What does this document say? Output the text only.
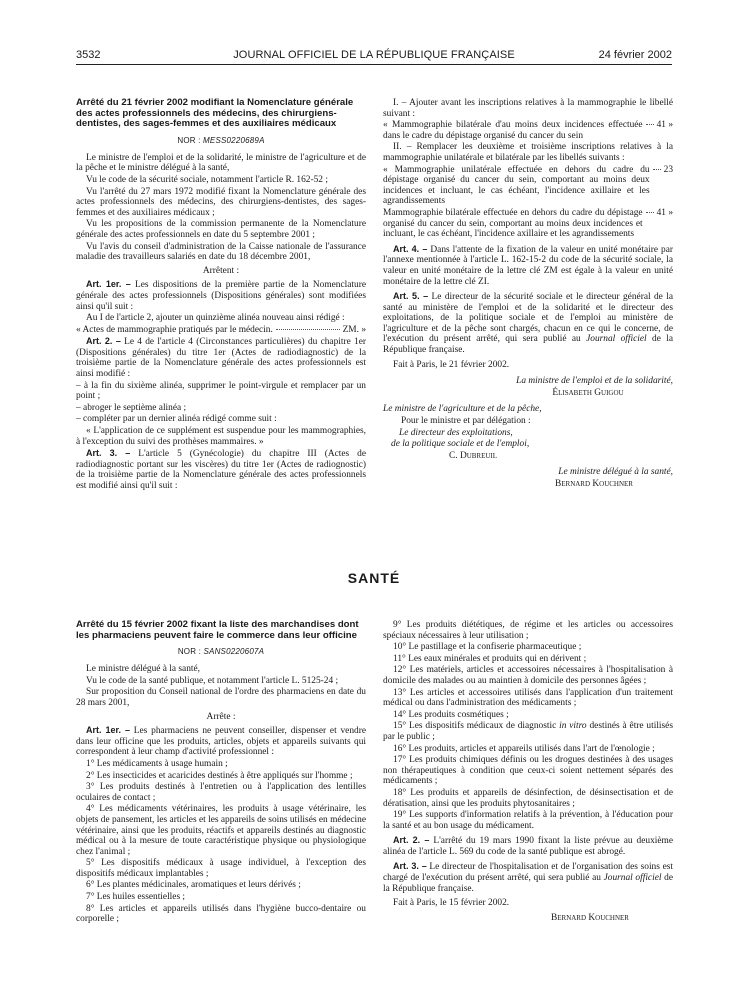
3532	JOURNAL OFFICIEL DE LA RÉPUBLIQUE FRANÇAISE	24 février 2002
Arrêté du 21 février 2002 modifiant la Nomenclature générale des actes professionnels des médecins, des chirurgiens-dentistes, des sages-femmes et des auxiliaires médicaux
NOR : MESS0220689A

Le ministre de l'emploi et de la solidarité, le ministre de l'agriculture et de la pêche et le ministre délégué à la santé,

Vu le code de la sécurité sociale, notamment l'article R. 162-52 ;

Vu l'arrêté du 27 mars 1972 modifié fixant la Nomenclature générale des actes professionnels des médecins, des chirurgiens-dentistes, des sages-femmes et des auxiliaires médicaux ;

Vu les propositions de la commission permanente de la Nomenclature générale des actes professionnels en date du 5 septembre 2001 ;

Vu l'avis du conseil d'administration de la Caisse nationale de l'assurance maladie des travailleurs salariés en date du 18 décembre 2001,

Arrêtent :

Art. 1er. – Les dispositions de la première partie de la Nomenclature générale des actes professionnels (Dispositions générales) sont modifiées ainsi qu'il suit :

Au I de l'article 2, ajouter un quinzième alinéa nouveau ainsi rédigé :

« Actes de mammographie pratiqués par le médecin.	ZM. »

Art. 2. – Le 4 de l'article 4 (Circonstances particulières) du chapitre 1er (Dispositions générales) du titre 1er (Actes de radiodiagnostic) de la troisième partie de la Nomenclature générale des actes professionnels est ainsi modifié :

– à la fin du sixième alinéa, supprimer le point-virgule et remplacer par un point ;

– abroger le septième alinéa ;

– compléter par un dernier alinéa rédigé comme suit :

« L'application de ce supplément est suspendue pour les mammographies, à l'exception du suivi des prothèses mammaires. »

Art. 3. – L'article 5 (Gynécologie) du chapitre III (Actes de radiodiagnostic portant sur les viscères) du titre 1er (Actes de radiognostic) de la troisième partie de la Nomenclature générale des actes professionnels est modifié ainsi qu'il suit :

I. – Ajouter avant les inscriptions relatives à la mammographie le libellé suivant :

« Mammographie bilatérale d'au moins deux incidences effectuée dans le cadre du dépistage organisé du cancer du sein
41 »

II. – Remplacer les deuxième et troisième inscriptions relatives à la mammographie unilatérale et bilatérale par les libellés suivants :

« Mammographie unilatérale effectuée en dehors du cadre du dépistage organisé du cancer du sein, comportant au moins deux incidences et incluant, le cas échéant, l'incidence axillaire et les agrandissements
23

Mammographie bilatérale effectuée en dehors du cadre du dépistage organisé du cancer du sein, comportant au moins deux incidences et incluant, le cas échéant, l'incidence axillaire et les agrandissements
41 »

Art. 4. – Dans l'attente de la fixation de la valeur en unité monétaire par l'annexe mentionnée à l'article L. 162-15-2 du code de la sécurité sociale, la valeur en unité monétaire de la lettre clé ZM est égale à la valeur en unité monétaire de la lettre clé ZI.

Art. 5. – Le directeur de la sécurité sociale et le directeur général de la santé au ministère de l'emploi et de la solidarité et le directeur des exploitations, de la politique sociale et de l'emploi au ministère de l'agriculture et de la pêche sont chargés, chacun en ce qui le concerne, de l'exécution du présent arrêté, qui sera publié au Journal officiel de la République française.

Fait à Paris, le 21 février 2002.

La ministre de l'emploi et de la solidarité,

Élisabeth Guigou

Le ministre de l'agriculture et de la pêche,

Pour le ministre et par délégation :

Le directeur des exploitations,

de la politique sociale et de l'emploi,

C. Dubreuil

Le ministre délégué à la santé,

Bernard Kouchner

SANTÉ
Arrêté du 15 février 2002 fixant la liste des marchandises dont les pharmaciens peuvent faire le commerce dans leur officine
NOR : SANS0220607A

Le ministre délégué à la santé,

Vu le code de la santé publique, et notamment l'article L. 5125-24 ;

Sur proposition du Conseil national de l'ordre des pharmaciens en date du 28 mars 2001,

Arrête :

Art. 1er. – Les pharmaciens ne peuvent conseiller, dispenser et vendre dans leur officine que les produits, articles, objets et appareils suivants qui correspondent à leur champ d'activité professionnel :

1° Les médicaments à usage humain ;

2° Les insecticides et acaricides destinés à être appliqués sur l'homme ;

3° Les produits destinés à l'entretien ou à l'application des lentilles oculaires de contact ;

4° Les médicaments vétérinaires, les produits à usage vétérinaire, les objets de pansement, les articles et les appareils de soins utilisés en médecine vétérinaire, ainsi que les produits, réactifs et appareils destinés au diagnostic médical ou à la mesure de toute caractéristique physique ou physiologique chez l'animal ;

5° Les dispositifs médicaux à usage individuel, à l'exception des dispositifs médicaux implantables ;

6° Les plantes médicinales, aromatiques et leurs dérivés ;

7° Les huiles essentielles ;

8° Les articles et appareils utilisés dans l'hygiène bucco-dentaire ou corporelle ;

9° Les produits diététiques, de régime et les articles ou accessoires spéciaux nécessaires à leur utilisation ;

10° Le pastillage et la confiserie pharmaceutique ;

11° Les eaux minérales et produits qui en dérivent ;

12° Les matériels, articles et accessoires nécessaires à l'hospitalisation à domicile des malades ou au maintien à domicile des personnes âgées ;

13° Les articles et accessoires utilisés dans l'application d'un traitement médical ou dans l'administration des médicaments ;

14° Les produits cosmétiques ;

15° Les dispositifs médicaux de diagnostic in vitro destinés à être utilisés par le public ;

16° Les produits, articles et appareils utilisés dans l'art de l'œnologie ;

17° Les produits chimiques définis ou les drogues destinées à des usages non thérapeutiques à condition que ceux-ci soient nettement séparés des médicaments ;

18° Les produits et appareils de désinfection, de désinsectisation et de dératisation, ainsi que les produits phytosanitaires ;

19° Les supports d'information relatifs à la prévention, à l'éducation pour la santé et au bon usage du médicament.

Art. 2. – L'arrêté du 19 mars 1990 fixant la liste prévue au deuxième alinéa de l'article L. 569 du code de la santé publique est abrogé.

Art. 3. – Le directeur de l'hospitalisation et de l'organisation des soins est chargé de l'exécution du présent arrêté, qui sera publié au Journal officiel de la République française.

Fait à Paris, le 15 février 2002.

Bernard Kouchner
